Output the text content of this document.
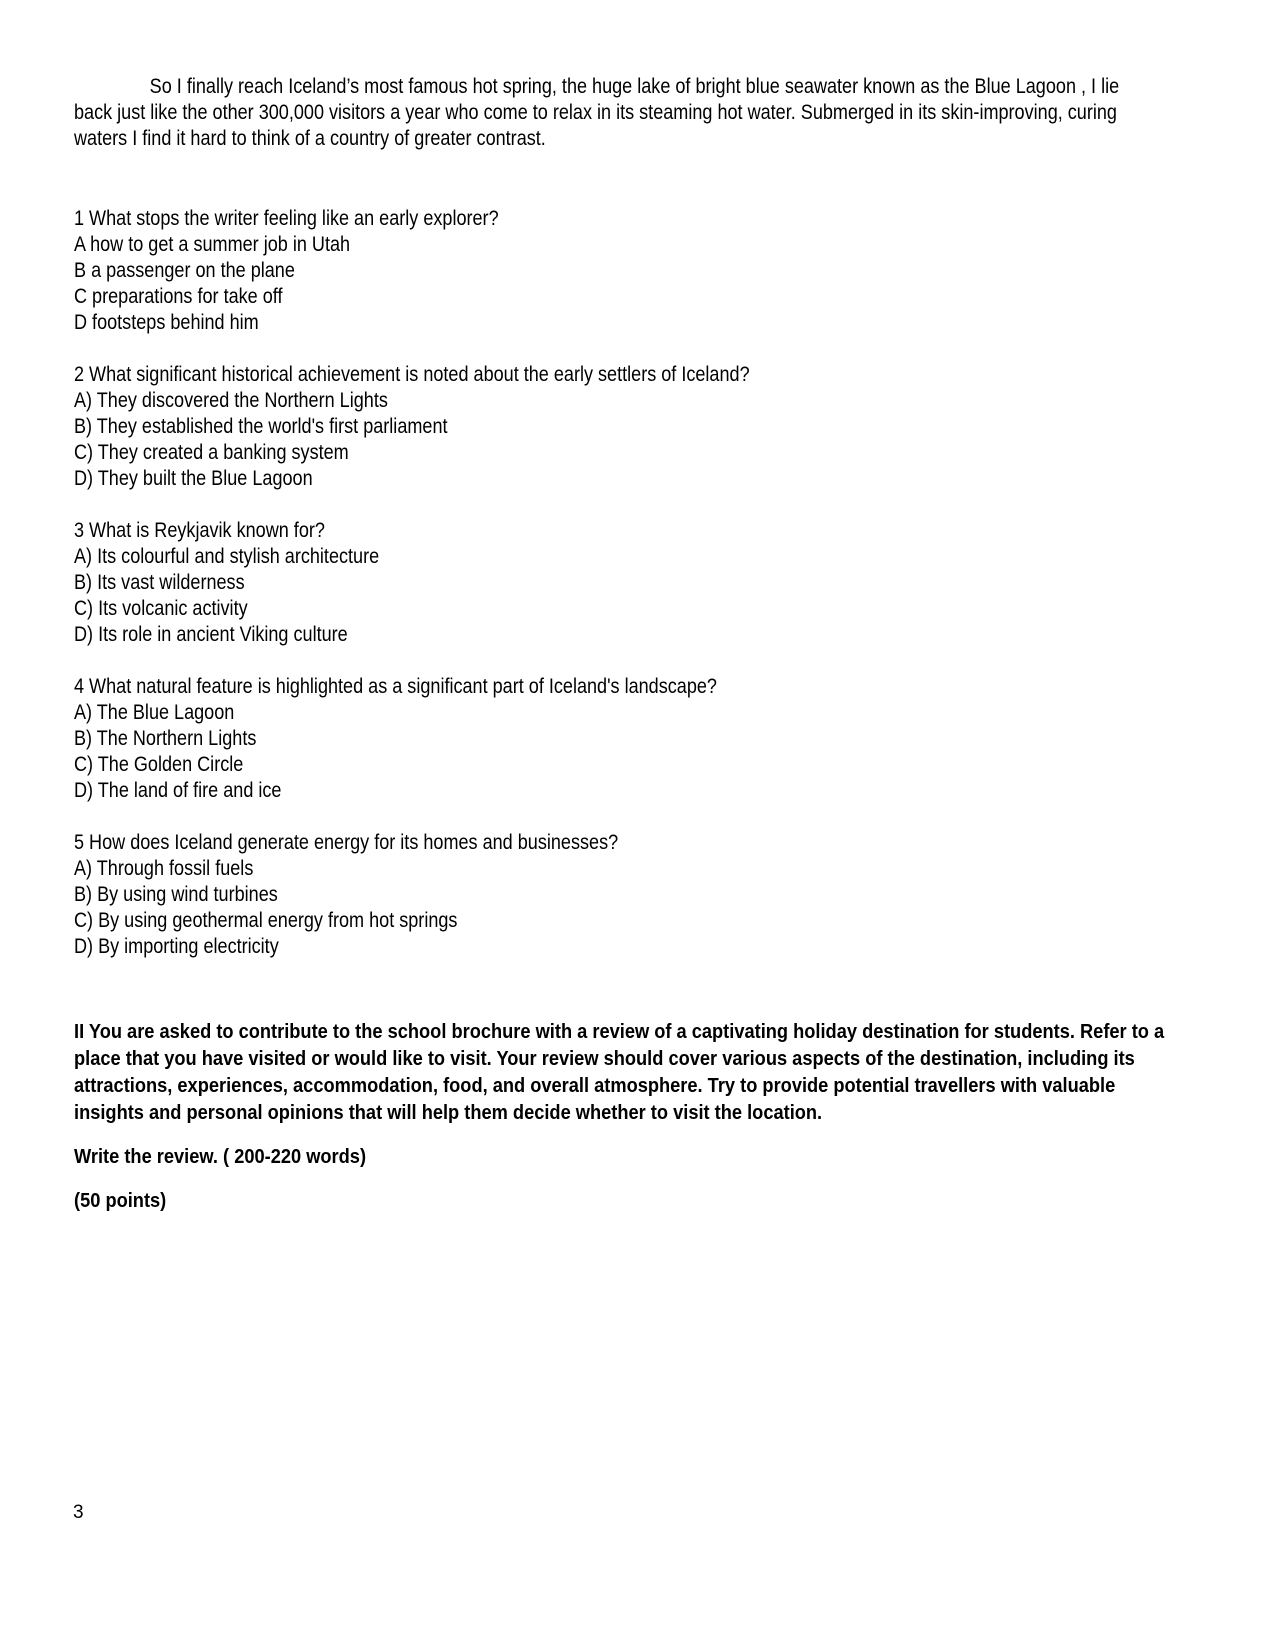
So I finally reach Iceland’s most famous hot spring, the huge lake of bright blue seawater known as the Blue Lagoon , I lie

back just like the other 300,000 visitors a year who come to relax in its steaming hot water. Submerged in its skin-improving, curing

waters I find it hard to think of a country of greater contrast.

1 What stops the writer feeling like an early explorer?
A how to get a summer job in Utah
B a passenger on the plane
C preparations for take off
D footsteps behind him
2 What significant historical achievement is noted about the early settlers of Iceland?
A) They discovered the Northern Lights
B) They established the world's first parliament
C) They created a banking system
D) They built the Blue Lagoon
3 What is Reykjavik known for?
A) Its colourful and stylish architecture
B) Its vast wilderness
C) Its volcanic activity
D) Its role in ancient Viking culture
4 What natural feature is highlighted as a significant part of Iceland's landscape?
A) The Blue Lagoon
B) The Northern Lights
C) The Golden Circle
D) The land of fire and ice
5 How does Iceland generate energy for its homes and businesses?
A) Through fossil fuels
B) By using wind turbines
C) By using geothermal energy from hot springs
D) By importing electricity

II You are asked to contribute to the school brochure with a review of a captivating holiday destination for students. Refer to a

place that you have visited or would like to visit. Your review should cover various aspects of the destination, including its

attractions, experiences, accommodation, food, and overall atmosphere. Try to provide potential travellers with valuable

insights and personal opinions that will help them decide whether to visit the location.

Write the review. ( 200-220 words)

(50 points)

3
